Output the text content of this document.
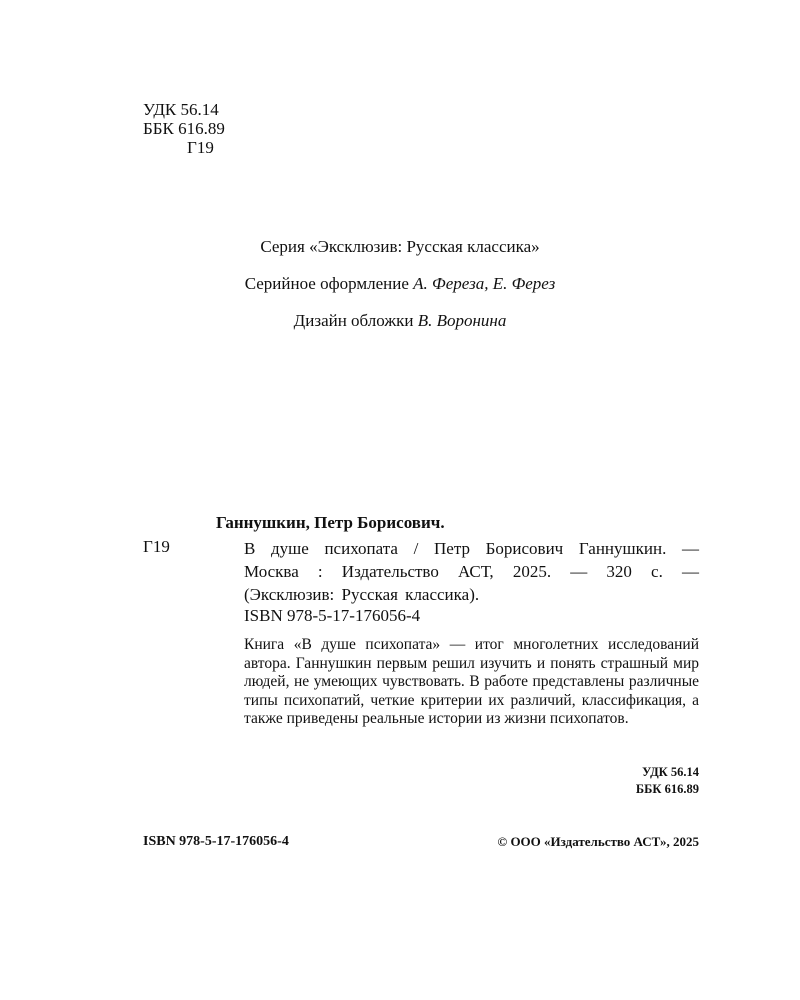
УДК 56.14
ББК 616.89
Г19
Серия «Эксклюзив: Русская классика»
Серийное оформление А. Фереза, Е. Ферез
Дизайн обложки В. Воронина
Ганнушкин, Петр Борисович.
Г19	В душе психопата / Петр Борисович Ганнушкин. — Москва : Издательство АСТ, 2025. — 320 с. — (Эксклюзив: Русская классика).
ISBN 978-5-17-176056-4
Книга «В душе психопата» — итог многолетних исследований автора. Ганнушкин первым решил изучить и понять страшный мир людей, не умеющих чувствовать. В работе представлены различные типы психопатий, четкие критерии их различий, классификация, а также приведены реальные истории из жизни психопатов.
УДК 56.14
ББК 616.89
ISBN 978-5-17-176056-4	© ООО «Издательство АСТ», 2025
